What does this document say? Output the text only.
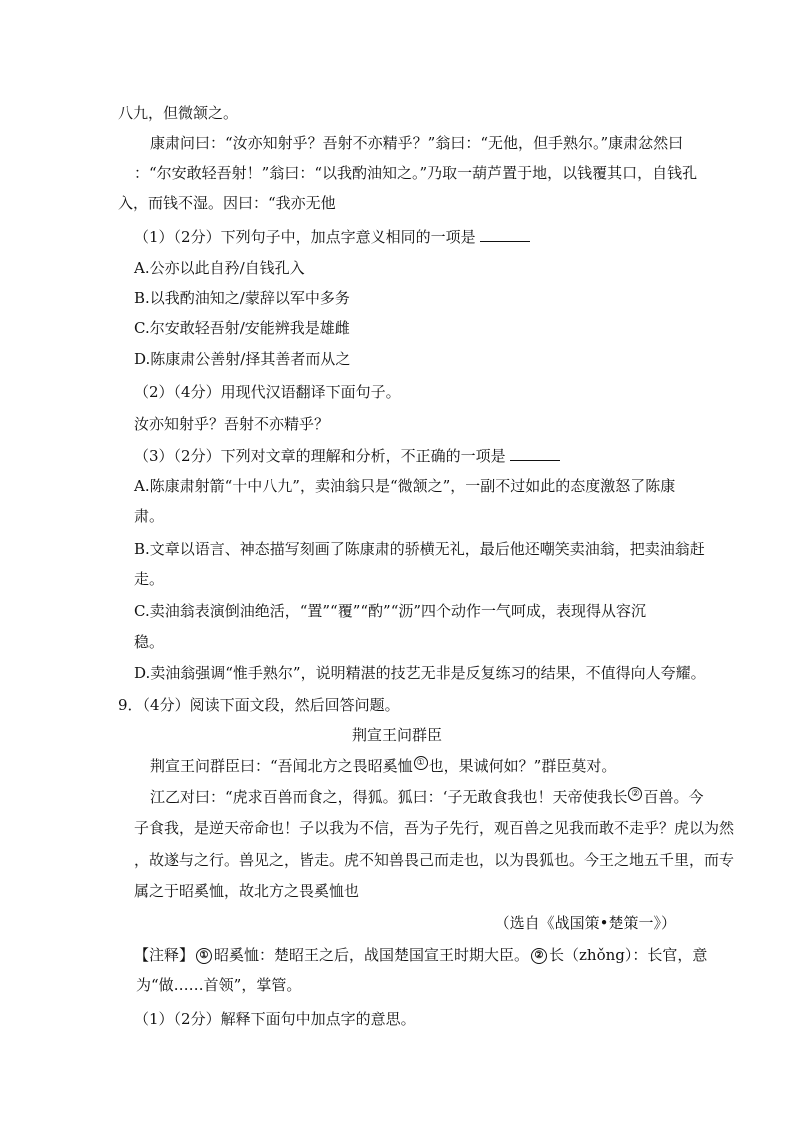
八九，但微颔之。
康肃问曰：“汝亦知射乎？吾射不亦精乎？”翁曰：“无他，但手熟尔。”康肃忿然曰
：“尔安敢轻吾射！”翁曰：“以我酌油知之。”乃取一葫芦置于地，以钱覆其口，自钱孔
入，而钱不湿。因曰：“我亦无他
（1）（2分）下列句子中，加点字意义相同的一项是
A.公亦以此自矜/自钱孔入
B.以我酌油知之/蒙辞以军中多务
C.尔安敢轻吾射/安能辨我是雄雌
D.陈康肃公善射/择其善者而从之
（2）（4分）用现代汉语翻译下面句子。
汝亦知射乎？吾射不亦精乎？
（3）（2分）下列对文章的理解和分析，不正确的一项是
A.陈康肃射箭“十中八九”，卖油翁只是“微颔之”，一副不过如此的态度激怒了陈康
肃。
B.文章以语言、神态描写刻画了陈康肃的骄横无礼，最后他还嘲笑卖油翁，把卖油翁赶
走。
C.卖油翁表演倒油绝活，“置”“覆”“酌”“沥”四个动作一气呵成，表现得从容沉
稳。
D.卖油翁强调“惟手熟尔”，说明精湛的技艺无非是反复练习的结果，不值得向人夸耀。
9．（4分）阅读下面文段，然后回答问题。
荆宣王问群臣
荆宣王问群臣曰：“吾闻北方之畏昭奚恤 ① 也，果诚何如？”群臣莫对。
江乙对曰：“虎求百兽而食之，得狐。狐曰：‘子无敢食我也！天帝使我长 ② 百兽。今
子食我，是逆天帝命也！子以我为不信，吾为子先行，观百兽之见我而敢不走乎？虎以为然
，故遂与之行。兽见之，皆走。虎不知兽畏己而走也，以为畏狐也。今王之地五千里，而专
属之于昭奚恤，故北方之畏奚恤也
（选自《战国策•楚策一》）
【注释】 ① 昭奚恤：楚昭王之后，战国楚国宣王时期大臣。 ② 长（zhǒng）：长官，意
为“做……首领”，掌管。
（1）（2分）解释下面句中加点字的意思。
